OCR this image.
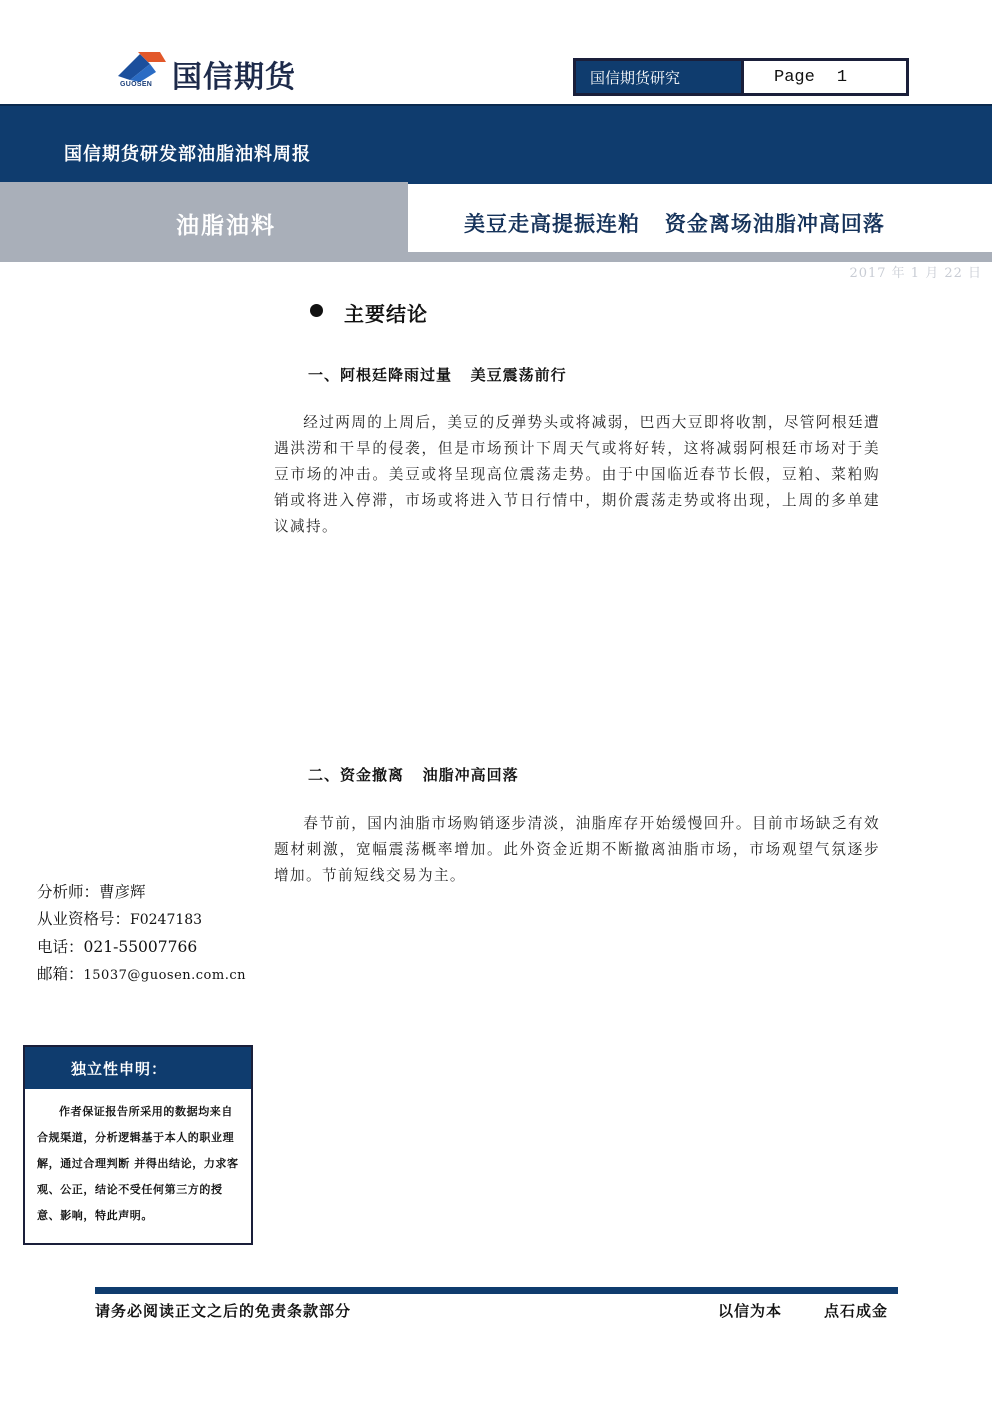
GUOSEN 国信期货	国信期货研究	Page 1
国信期货研发部油脂油料周报
油脂油料	美豆走高提振连粕   资金离场油脂冲高回落
2017 年 1 月 22 日
主要结论
一、阿根廷降雨过量   美豆震荡前行
经过两周的上周后，美豆的反弹势头或将减弱，巴西大豆即将收割，尽管阿根廷遭遇洪涝和干旱的侵袭，但是市场预计下周天气或将好转，这将减弱阿根廷市场对于美豆市场的冲击。美豆或将呈现高位震荡走势。由于中国临近春节长假，豆粕、菜粕购销或将进入停滞，市场或将进入节日行情中，期价震荡走势或将出现，上周的多单建议减持。
二、资金撤离   油脂冲高回落
春节前，国内油脂市场购销逐步清淡，油脂库存开始缓慢回升。目前市场缺乏有效题材刺激，宽幅震荡概率增加。此外资金近期不断撤离油脂市场，市场观望气氛逐步增加。节前短线交易为主。
分析师：曹彦辉
从业资格号：F0247183
电话：021-55007766
邮箱：15037@guosen.com.cn
独立性申明：
作者保证报告所采用的数据均来自合规渠道，分析逻辑基于本人的职业理解，通过合理判断 并得出结论，力求客观、公正，结论不受任何第三方的授意、影响，特此声明。
请务必阅读正文之后的免责条款部分	以信为本	点石成金
